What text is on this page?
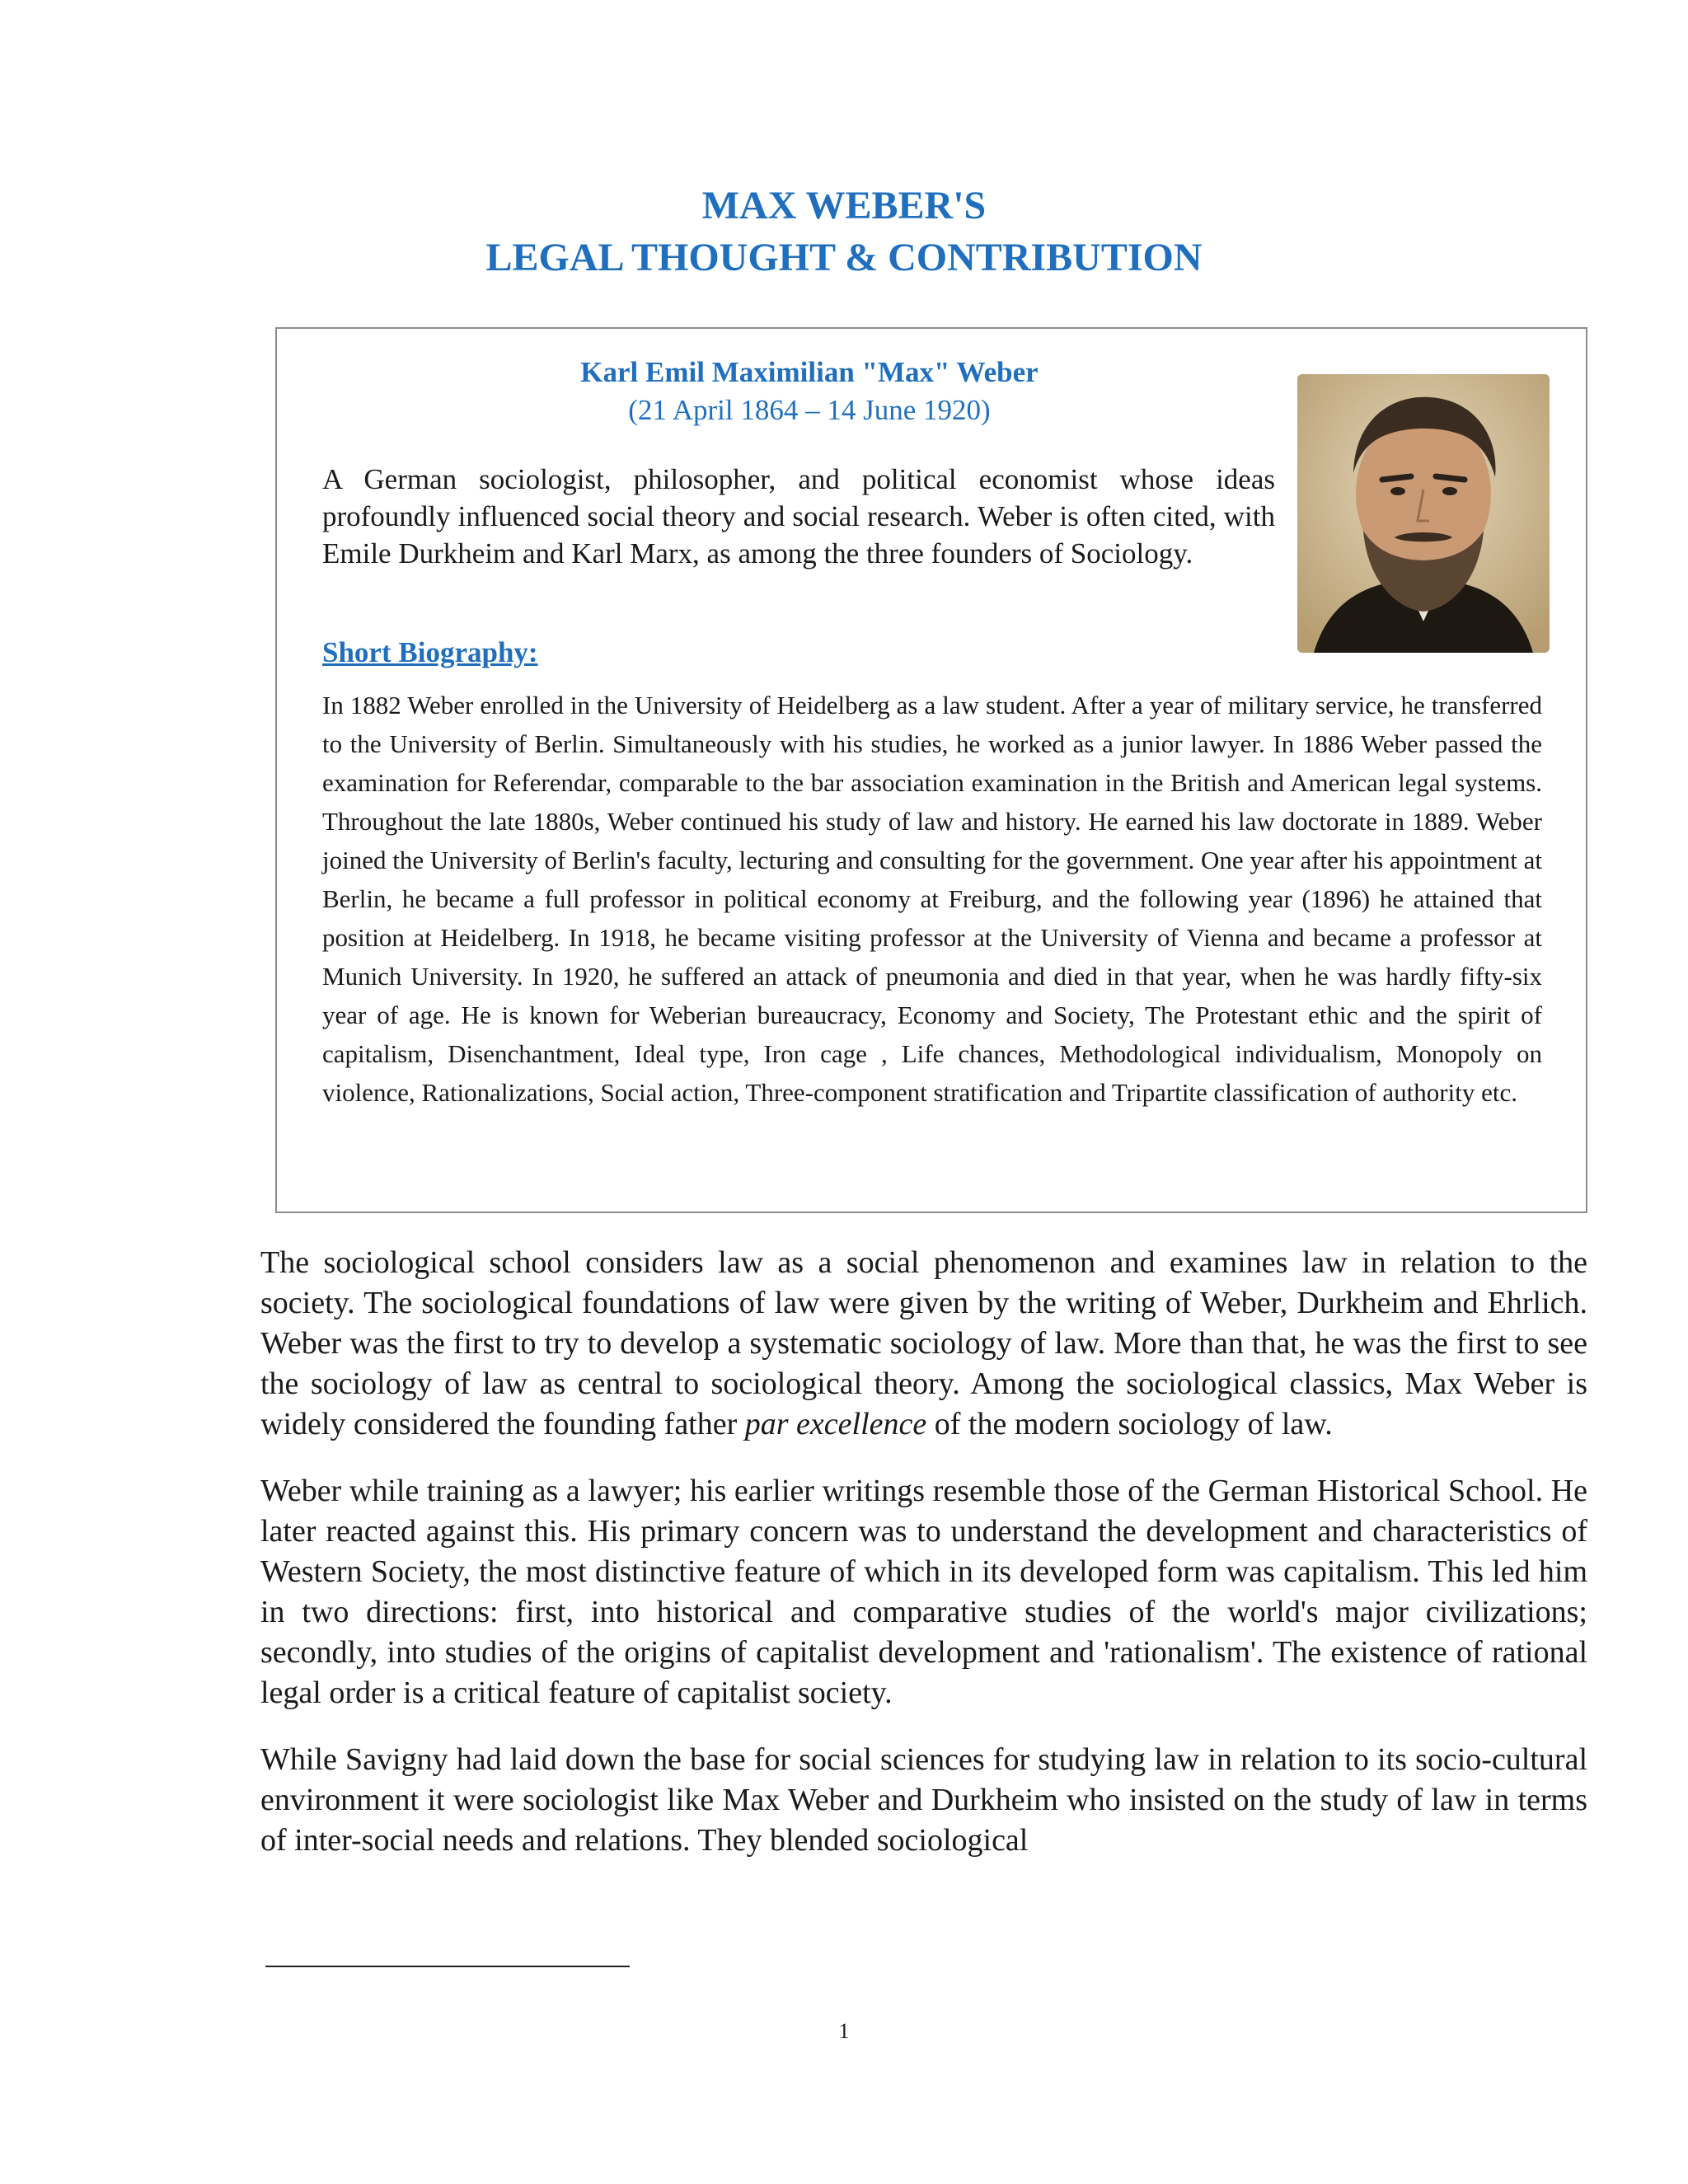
MAX WEBER'S
LEGAL THOUGHT & CONTRIBUTION
Karl Emil Maximilian "Max" Weber
(21 April 1864 – 14 June 1920)
A German sociologist, philosopher, and political economist whose ideas profoundly influenced social theory and social research. Weber is often cited, with Emile Durkheim and Karl Marx, as among the three founders of Sociology.
Short Biography:
In 1882 Weber enrolled in the University of Heidelberg as a law student. After a year of military service, he transferred to the University of Berlin. Simultaneously with his studies, he worked as a junior lawyer. In 1886 Weber passed the examination for Referendar, comparable to the bar association examination in the British and American legal systems. Throughout the late 1880s, Weber continued his study of law and history. He earned his law doctorate in 1889. Weber joined the University of Berlin's faculty, lecturing and consulting for the government. One year after his appointment at Berlin, he became a full professor in political economy at Freiburg, and the following year (1896) he attained that position at Heidelberg. In 1918, he became visiting professor at the University of Vienna and became a professor at Munich University. In 1920, he suffered an attack of pneumonia and died in that year, when he was hardly fifty-six year of age. He is known for Weberian bureaucracy, Economy and Society, The Protestant ethic and the spirit of capitalism, Disenchantment, Ideal type, Iron cage , Life chances, Methodological individualism, Monopoly on violence, Rationalizations, Social action, Three-component stratification and Tripartite classification of authority etc.

The sociological school considers law as a social phenomenon and examines law in relation to the society. The sociological foundations of law were given by the writing of Weber, Durkheim and Ehrlich. Weber was the first to try to develop a systematic sociology of law. More than that, he was the first to see the sociology of law as central to sociological theory. Among the sociological classics, Max Weber is widely considered the founding father par excellence of the modern sociology of law.

Weber while training as a lawyer; his earlier writings resemble those of the German Historical School. He later reacted against this. His primary concern was to understand the development and characteristics of Western Society, the most distinctive feature of which in its developed form was capitalism. This led him in two directions: first, into historical and comparative studies of the world's major civilizations; secondly, into studies of the origins of capitalist development and 'rationalism'. The existence of rational legal order is a critical feature of capitalist society.

While Savigny had laid down the base for social sciences for studying law in relation to its socio-cultural environment it were sociologist like Max Weber and Durkheim who insisted on the study of law in terms of inter-social needs and relations. They blended sociological

1
